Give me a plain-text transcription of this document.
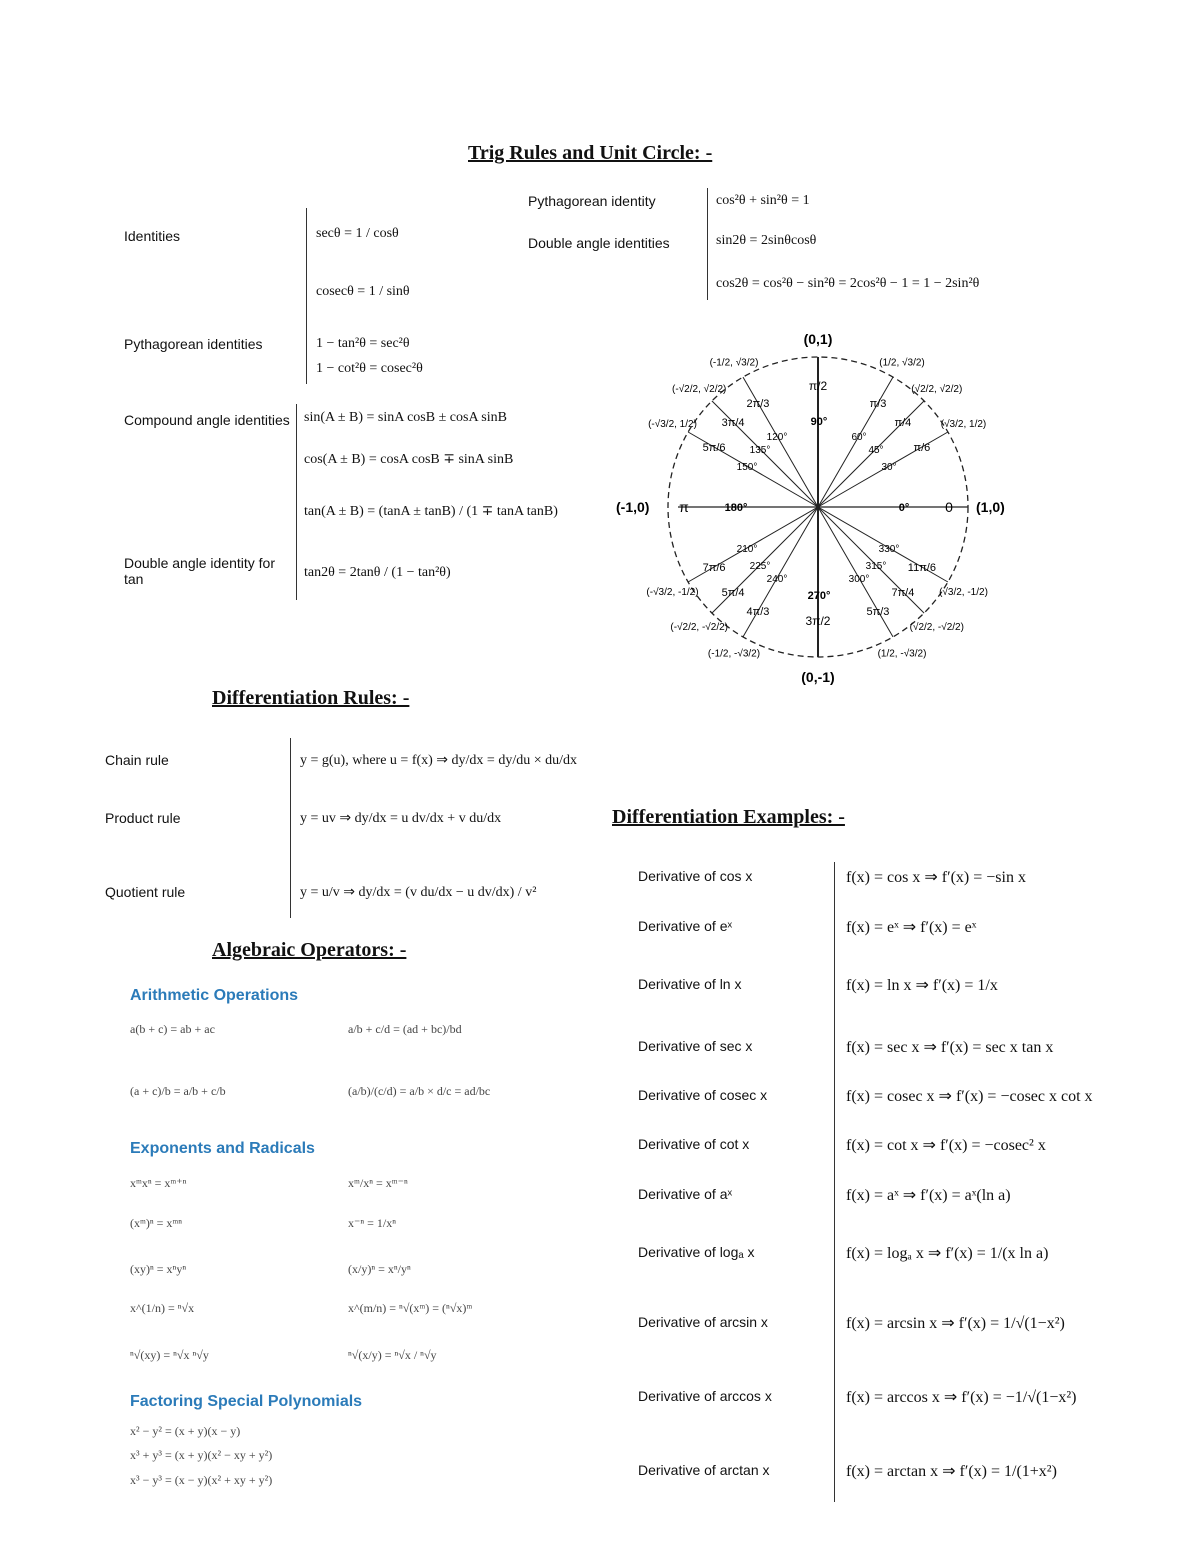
Trig Rules and Unit Circle: -
Differentiation Rules: -
Differentiation Examples: -
Algebraic Operators: -
Identities	secθ = 1 / cosθ
cosecθ = 1 / sinθ
Pythagorean identities	1 − tan²θ = sec²θ
1 − cot²θ = cosec²θ
Compound angle identities sin(A ± B) = sinA cosB ± cosA sinB
cos(A ± B) = cosA cosB ∓ sinA sinB
tan(A ± B) = (tanA ± tanB) / (1 ∓ tanA tanB)
Double angle identity for tan	tan2θ = 2tanθ / (1 − tan²θ)
Pythagorean identity	cos²θ + sin²θ = 1
Double angle identities	sin2θ = 2sinθcosθ
cos2θ = cos²θ − sin²θ = 2cos²θ − 1 = 1 − 2sin²θ
(0,1)
(0,-1)
(-1,0)	(1,0)
90°
270°
180°	0°
π/2
3π/2
π	0
30°
π/6
(√3/2, 1/2)
45°
π/4
(√2/2, √2/2)
60°
π/3
(1/2, √3/2)
120°
2π/3
(-1/2, √3/2)
135°
3π/4
(-√2/2, √2/2)
150°
5π/6
(-√3/2, 1/2)
210°
7π/6
(-√3/2, -1/2)
225°
5π/4
(-√2/2, -√2/2)
240°
4π/3
(-1/2, -√3/2)
300°
5π/3
(1/2, -√3/2)
315°
7π/4
(√2/2, -√2/2)
330°
11π/6
(√3/2, -1/2)
Chain rule	y = g(u), where u = f(x) ⇒ dy/dx = dy/du × du/dx
Product rule	y = uv ⇒ dy/dx = u dv/dx + v du/dx
Quotient rule	y = u/v ⇒ dy/dx = (v du/dx − u dv/dx) / v²
Derivative of cos x	f(x) = cos x ⇒ f′(x) = −sin x
Derivative of eˣ	f(x) = eˣ ⇒ f′(x) = eˣ
Derivative of ln x	f(x) = ln x ⇒ f′(x) = 1/x
Derivative of sec x	f(x) = sec x ⇒ f′(x) = sec x tan x
Derivative of cosec x	f(x) = cosec x ⇒ f′(x) = −cosec x cot x
Derivative of cot x	f(x) = cot x ⇒ f′(x) = −cosec² x
Derivative of aˣ	f(x) = aˣ ⇒ f′(x) = aˣ(ln a)
Derivative of logₐ x	f(x) = logₐ x ⇒ f′(x) = 1/(x ln a)
Derivative of arcsin x	f(x) = arcsin x ⇒ f′(x) = 1/√(1−x²)
Derivative of arccos x	f(x) = arccos x ⇒ f′(x) = −1/√(1−x²)
Derivative of arctan x	f(x) = arctan x ⇒ f′(x) = 1/(1+x²)
Arithmetic Operations
a(b + c) = ab + ac	a/b + c/d = (ad + bc)/bd
(a + c)/b = a/b + c/b	(a/b)/(c/d) = a/b × d/c = ad/bc
Exponents and Radicals
xᵐxⁿ = xᵐ⁺ⁿ	xᵐ/xⁿ = xᵐ⁻ⁿ
(xᵐ)ⁿ = xᵐⁿ	x⁻ⁿ = 1/xⁿ
(xy)ⁿ = xⁿyⁿ	(x/y)ⁿ = xⁿ/yⁿ
x^(1/n) = ⁿ√x	x^(m/n) = ⁿ√(xᵐ) = (ⁿ√x)ᵐ
ⁿ√(xy) = ⁿ√x ⁿ√y	ⁿ√(x/y) = ⁿ√x / ⁿ√y
Factoring Special Polynomials
x² − y² = (x + y)(x − y)
x³ + y³ = (x + y)(x² − xy + y²)
x³ − y³ = (x − y)(x² + xy + y²)
